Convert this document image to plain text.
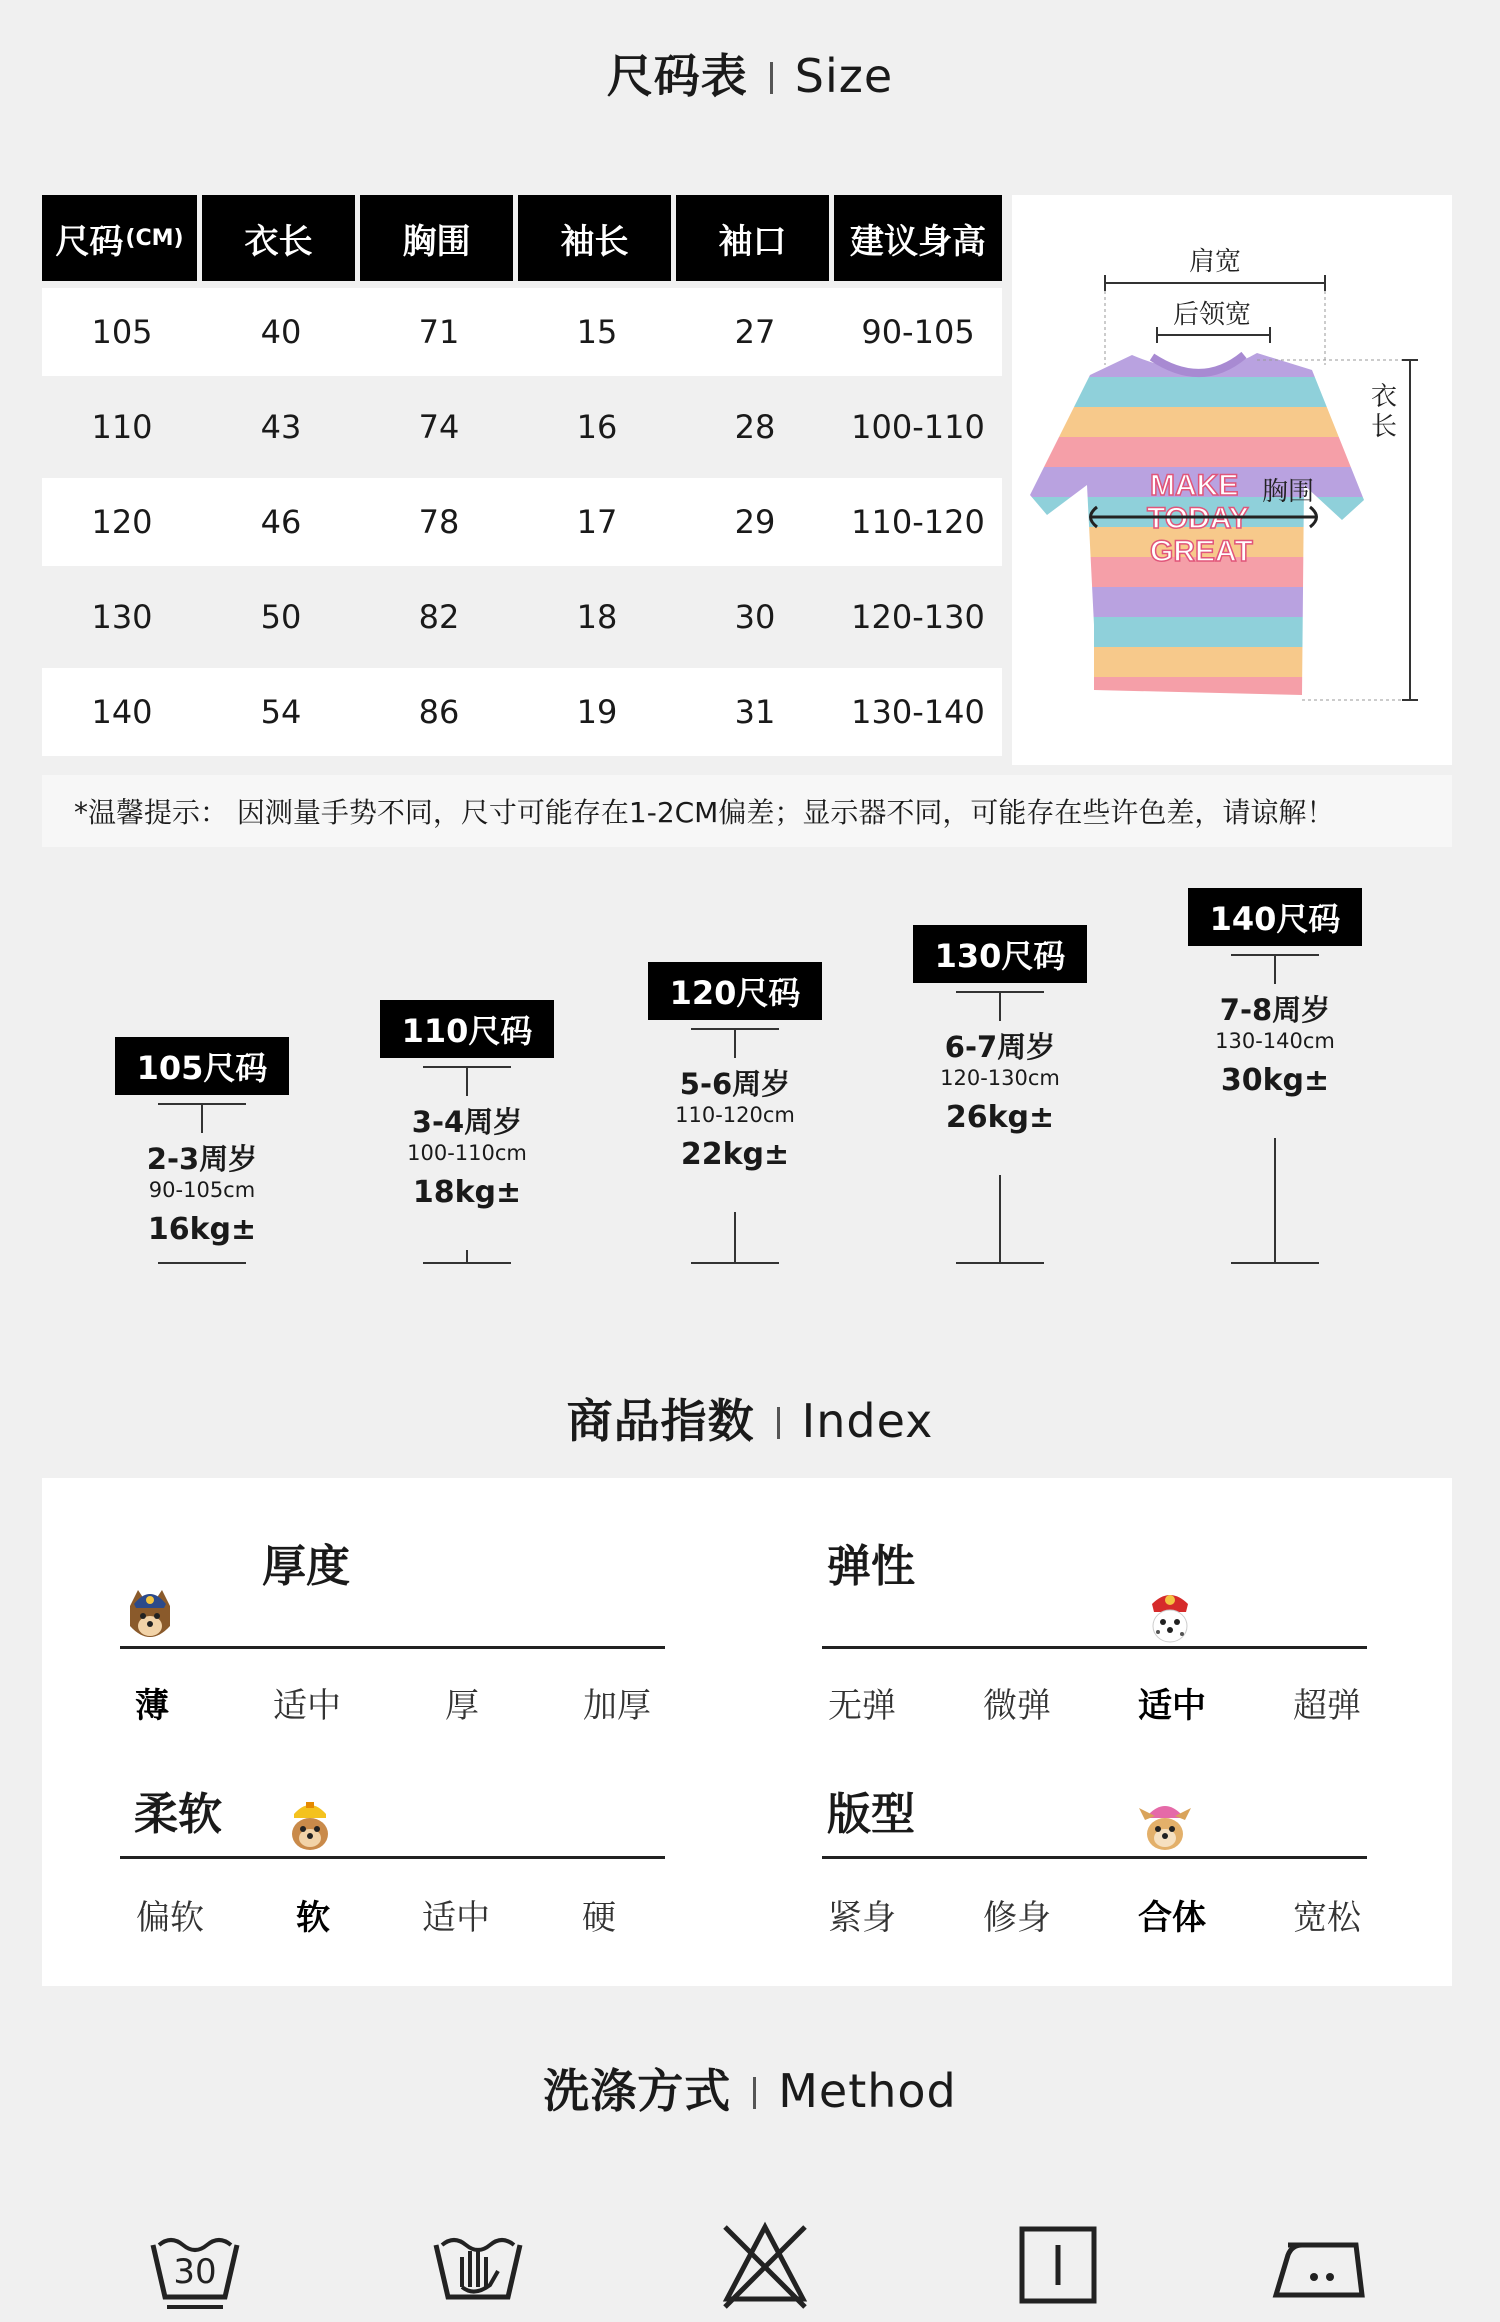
尺码表 Size
尺码 (CM)	衣长	胸围	袖长	袖口	建议身高
105	40	71	15	27	90-105
110	43	74	16	28	100-110
120	46	78	17	29	110-120
130	50	82	18	30	120-130
140	54	86	19	31	130-140
MAKE
TODAY
GREAT
肩宽
后领宽
胸围
衣长
*温馨提示： 因测量手势不同，尺寸可能存在1-2CM偏差；显示器不同，可能存在些许色差，请谅解！
105尺码
2-3周岁
90-105cm
16kg±
110尺码
3-4周岁
100-110cm
18kg±
120尺码
5-6周岁
110-120cm
22kg±
130尺码
6-7周岁
120-130cm
26kg±
140尺码
7-8周岁
130-140cm
30kg±
商品指数 Index
厚度
薄	适中	厚	加厚
弹性
无弹	微弹	适中	超弹
柔软
偏软	软	适中	硬
版型
紧身	修身	合体	宽松
洗涤方式 Method
30
